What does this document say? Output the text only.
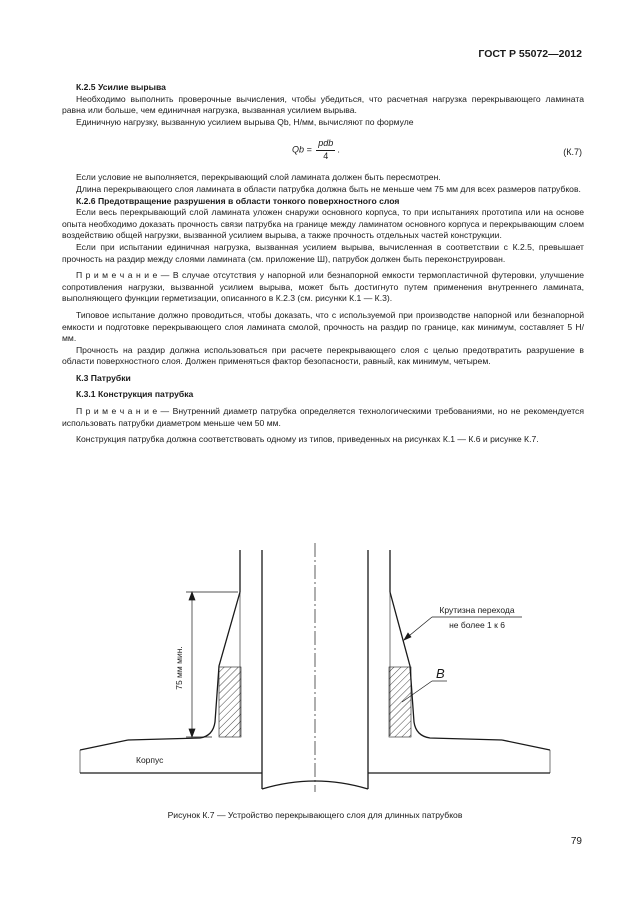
ГОСТ Р 55072—2012

К.2.5 Усилие вырыва

Необходимо выполнить проверочные вычисления, чтобы убедиться, что расчетная нагрузка перекрывающего ламината равна или больше, чем единичная нагрузка, вызванная усилием вырыва.

Единичную нагрузку, вызванную усилием вырыва Qb, Н/мм, вычисляют по формуле

$Qb = \frac{\text{pdb}}{4}$ .	(К.7)

Если условие не выполняется, перекрывающий слой ламината должен быть пересмотрен.

Длина перекрывающего слоя ламината в области патрубка должна быть не меньше чем 75 мм для всех размеров патрубков.

К.2.6 Предотвращение разрушения в области тонкого поверхностного слоя

Если весь перекрывающий слой ламината уложен снаружи основного корпуса, то при испытаниях прототипа или на основе опыта необходимо доказать прочность связи патрубка на границе между ламинатом основного корпуса и перекрывающим слоем воздействию общей нагрузки, вызванной усилием вырыва, а также прочность отдельных частей конструкции.

Если при испытании единичная нагрузка, вызванная усилием вырыва, вычисленная в соответствии с К.2.5, превышает прочность на раздир между слоями ламината (см. приложение Ш), патрубок должен быть переконструирован.

П р и м е ч а н и е — В случае отсутствия у напорной или безнапорной емкости термопластичной футеровки, улучшение сопротивления нагрузки, вызванной усилием вырыва, может быть достигнуто путем применения внутреннего ламината, выполняющего функции герметизации, описанного в К.2.3 (см. рисунки К.1 — К.3).

Типовое испытание должно проводиться, чтобы доказать, что с используемой при производстве напорной или безнапорной емкости и подготовке перекрывающего слоя ламината смолой, прочность на раздир по границе, как минимум, составляет 5 Н/мм.

Прочность на раздир должна использоваться при расчете перекрывающего слоя с целью предотвратить разрушение в области поверхностного слоя. Должен применяться фактор безопасности, равный, как минимум, четырем.

К.3 Патрубки

К.3.1 Конструкция патрубка

П р и м е ч а н и е — Внутренний диаметр патрубка определяется технологическими требованиями, но не рекомендуется использовать патрубки диаметром меньше чем 50 мм.

Конструкция патрубка должна соответствовать одному из типов, приведенных на рисунках К.1 — К.6 и рисунке К.7.

75 мм мин.
Крутизна перехода
не более 1 к 6
B
Корпус
Рисунок К.7 — Устройство перекрывающего слоя для длинных патрубков
79
